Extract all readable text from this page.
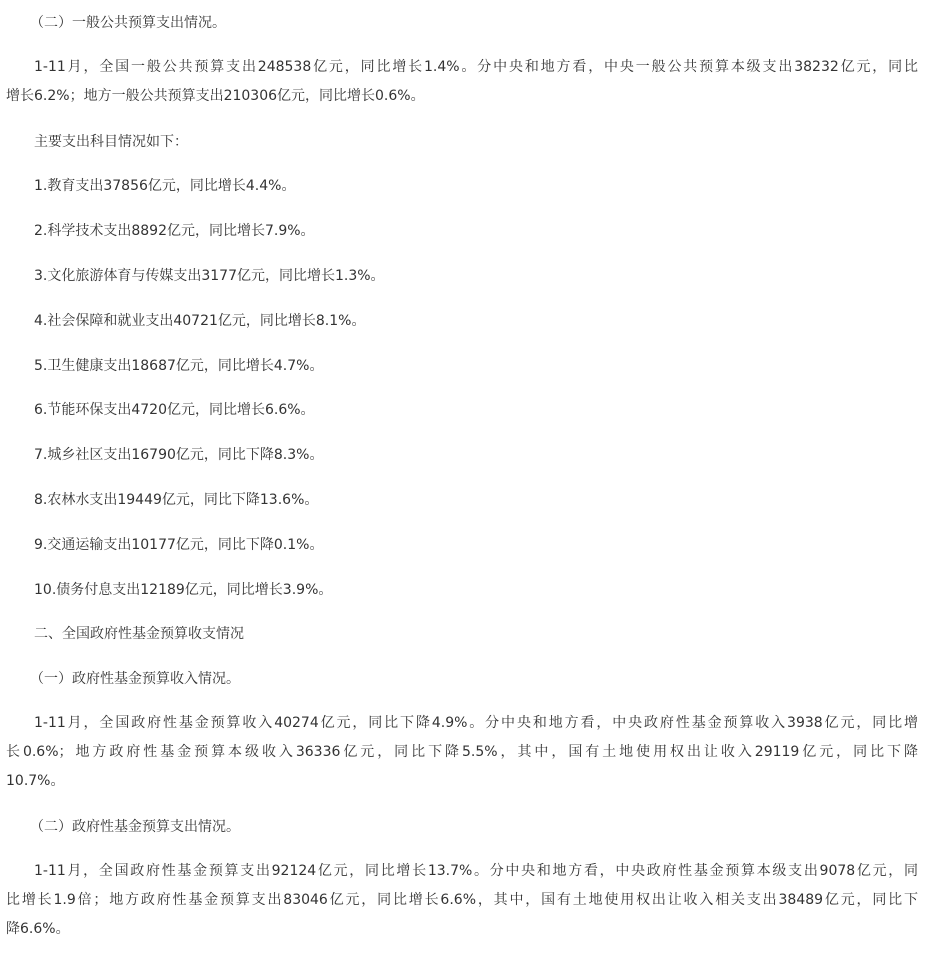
（二）一般公共预算支出情况。
1-11月，全国一般公共预算支出248538亿元，同比增长1.4%。分中央和地方看，中央一般公共预算本级支出38232亿元，同比
增长6.2%；地方一般公共预算支出210306亿元，同比增长0.6%。
主要支出科目情况如下：
1.教育支出37856亿元，同比增长4.4%。
2.科学技术支出8892亿元，同比增长7.9%。
3.文化旅游体育与传媒支出3177亿元，同比增长1.3%。
4.社会保障和就业支出40721亿元，同比增长8.1%。
5.卫生健康支出18687亿元，同比增长4.7%。
6.节能环保支出4720亿元，同比增长6.6%。
7.城乡社区支出16790亿元，同比下降8.3%。
8.农林水支出19449亿元，同比下降13.6%。
9.交通运输支出10177亿元，同比下降0.1%。
10.债务付息支出12189亿元，同比增长3.9%。
二、全国政府性基金预算收支情况
（一）政府性基金预算收入情况。
1-11月，全国政府性基金预算收入40274亿元，同比下降4.9%。分中央和地方看，中央政府性基金预算收入3938亿元，同比增
长0.6%；地方政府性基金预算本级收入36336亿元，同比下降5.5%，其中，国有土地使用权出让收入29119亿元，同比下降
10.7%。
（二）政府性基金预算支出情况。
1-11月，全国政府性基金预算支出92124亿元，同比增长13.7%。分中央和地方看，中央政府性基金预算本级支出9078亿元，同
比增长1.9倍；地方政府性基金预算支出83046亿元，同比增长6.6%，其中，国有土地使用权出让收入相关支出38489亿元，同比下
降6.6%。
